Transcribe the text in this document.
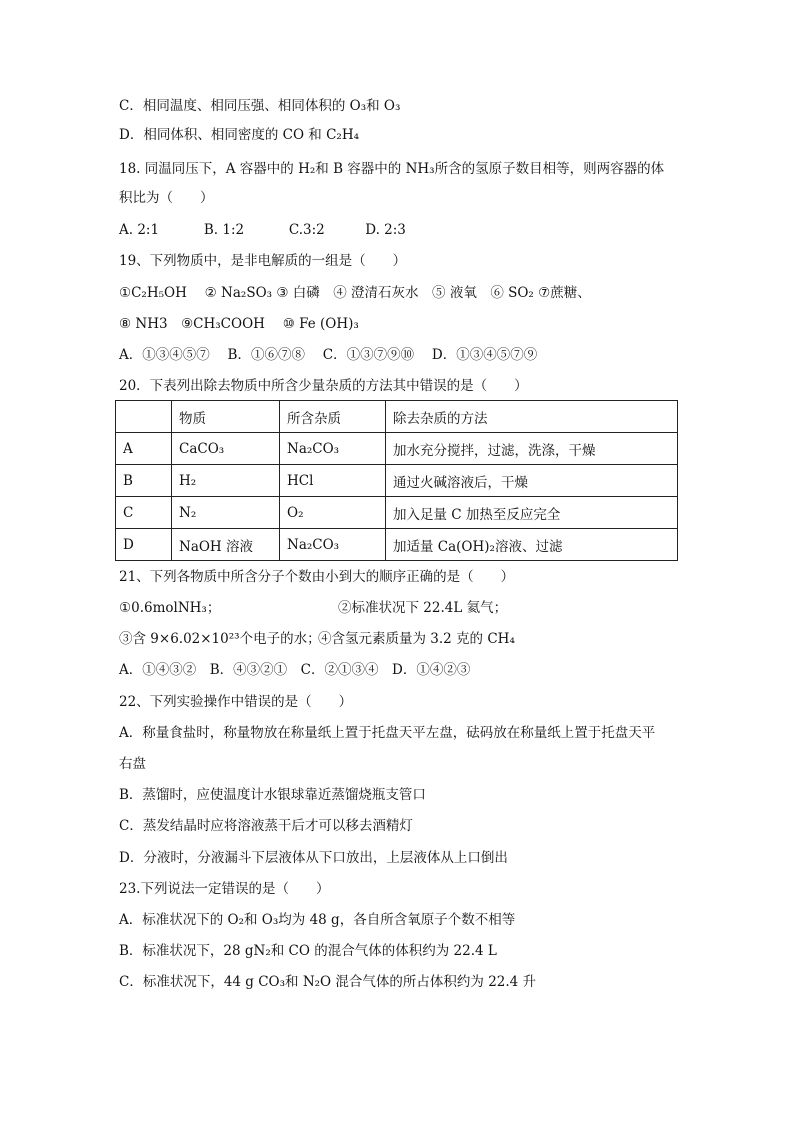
C．相同温度、相同压强、相同体积的 O₃和 O₃
D．相同体积、相同密度的 CO 和 C₂H₄
18. 同温同压下，A 容器中的 H₂和 B 容器中的 NH₃所含的氢原子数目相等，则两容器的体
积比为（　　）
A. 2:1　　　 B. 1:2　　　 C.3:2　　　D. 2:3
19、下列物质中，是非电解质的一组是（　　）
①C₂H₅OH　 ② Na₂SO₃ ③ 白磷　④ 澄清石灰水　⑤ 液氧　⑥ SO₂ ⑦蔗糖、
⑧ NH3　⑨CH₃COOH　 ⑩ Fe (OH)₃
A．①③④⑤⑦　 B．①⑥⑦⑧　 C．①③⑦⑨⑩　 D．①③④⑤⑦⑨
20．下表列出除去物质中所含少量杂质的方法其中错误的是（　　）
	物质	所含杂质	除去杂质的方法
A	CaCO₃	Na₂CO₃	加水充分搅拌，过滤，洗涤，干燥
B	H₂	HCl	通过火碱溶液后，干燥
C	N₂	O₂	加入足量 C 加热至反应完全
D	NaOH 溶液	Na₂CO₃	加适量 Ca(OH)₂溶液、过滤
21、下列各物质中所含分子个数由小到大的顺序正确的是（　　）
①0.6molNH₃；	②标准状况下 22.4L 氦气；
③含 9×6.02×10²³个电子的水；
④含氢元素质量为 3.2 克的 CH₄
A．①④③②　B．④③②①　C．②①③④　D．①④②③
22、下列实验操作中错误的是（　　）
A．称量食盐时，称量物放在称量纸上置于托盘天平左盘，砝码放在称量纸上置于托盘天平
右盘
B．蒸馏时，应使温度计水银球靠近蒸馏烧瓶支管口
C．蒸发结晶时应将溶液蒸干后才可以移去酒精灯
D．分液时，分液漏斗下层液体从下口放出，上层液体从上口倒出
23.下列说法一定错误的是（　　）
A．标准状况下的 O₂和 O₃均为 48 g，各自所含氧原子个数不相等
B．标准状况下，28 gN₂和 CO 的混合气体的体积约为 22.4 L
C．标准状况下，44 g CO₃和 N₂O 混合气体的所占体积约为 22.4 升
